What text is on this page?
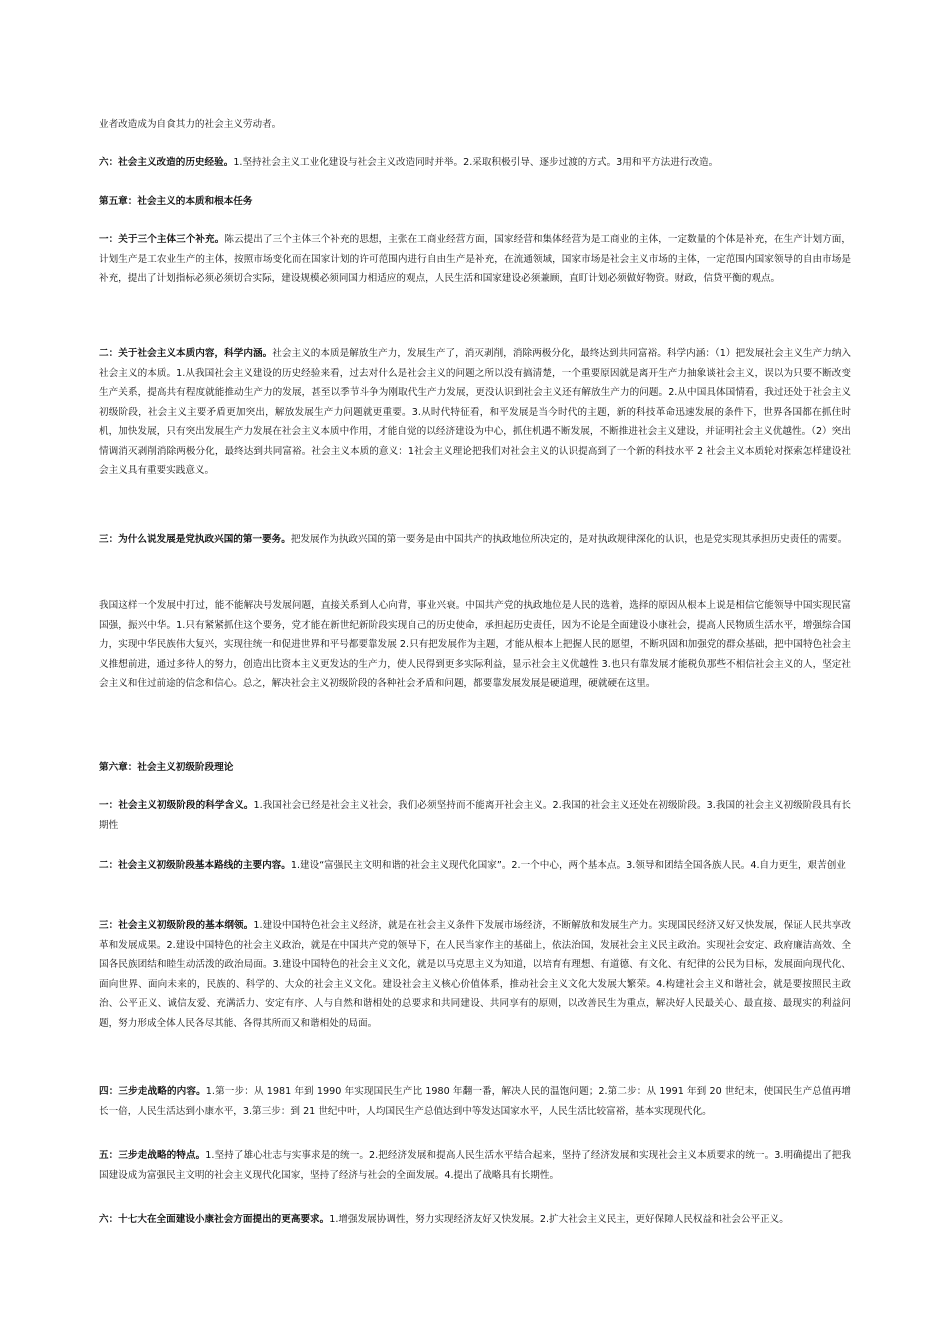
业者改造成为自食其力的社会主义劳动者。

六：社会主义改造的历史经验。1.坚持社会主义工业化建设与社会主义改造同时并举。2.采取积极引导、逐步过渡的方式。3用和平方法进行改造。

第五章：社会主义的本质和根本任务

一：关于三个主体三个补充。陈云提出了三个主体三个补充的思想，主张在工商业经营方面，国家经营和集体经营为是工商业的主体，一定数量的个体是补充，在生产计划方面，计划生产是工农业生产的主体，按照市场变化而在国家计划的许可范围内进行自由生产是补充，在流通领域，国家市场是社会主义市场的主体，一定范围内国家领导的自由市场是补充，提出了计划指标必须必须切合实际，建设规模必须同国力相适应的观点，人民生活和国家建设必须兼顾，直盯计划必须做好物资。财政，信贷平衡的观点。

二：关于社会主义本质内容，科学内涵。社会主义的本质是解放生产力，发展生产了，消灭剥削，消除两极分化，最终达到共同富裕。科学内涵：（1）把发展社会主义生产力纳入社会主义的本质。1.从我国社会主义建设的历史经验来看，过去对什么是社会主义的问题之所以没有搞清楚，一个重要原因就是离开生产力抽象谈社会主义，误以为只要不断改变生产关系，提高共有程度就能推动生产力的发展，甚至以季节斗争为刚取代生产力发展，更没认识到社会主义还有解放生产力的问题。2.从中国具体国情看，我过还处于社会主义初级阶段，社会主义主要矛盾更加突出，解放发展生产力问题就更重要。3.从时代特征看，和平发展是当今时代的主题，新的科技革命迅速发展的条件下，世界各国都在抓住时机，加快发展，只有突出发展生产力发展在社会主义本质中作用，才能自觉的以经济建设为中心，抓住机遇不断发展，不断推进社会主义建设，并证明社会主义优越性。（2）突出情调消灭剥削消除两极分化，最终达到共同富裕。社会主义本质的意义：1社会主义理论把我们对社会主义的认识提高到了一个新的科技水平 2 社会主义本质轮对探索怎样建设社会主义具有重要实践意义。

三：为什么说发展是党执政兴国的第一要务。把发展作为执政兴国的第一要务是由中国共产的执政地位所决定的，是对执政规律深化的认识，也是党实现其承担历史责任的需要。

我国这样一个发展中打过，能不能解决号发展问题，直接关系到人心向背，事业兴衰。中国共产党的执政地位是人民的选着，选择的原因从根本上说是相信它能领导中国实现民富国强，振兴中华。1.只有紧紧抓住这个要务，党才能在新世纪新阶段实现自己的历史使命，承担起历史责任，因为不论是全面建设小康社会，提高人民物质生活水平，增强综合国力，实现中华民族伟大复兴，实现往统一和促进世界和平号都要靠发展 2.只有把发展作为主题，才能从根本上把握人民的愿望，不断巩固和加强党的群众基础，把中国特色社会主义推想前进，通过多待人的努力，创造出比资本主义更发达的生产力，使人民得到更多实际利益，显示社会主义优越性 3.也只有靠发展才能税负那些不相信社会主义的人，坚定社会主义和住过前途的信念和信心。总之，解决社会主义初级阶段的各种社会矛盾和问题，都要靠发展发展是硬道理，硬就硬在这里。

第六章：社会主义初级阶段理论

一：社会主义初级阶段的科学含义。1.我国社会已经是社会主义社会，我们必须坚持而不能离开社会主义。2.我国的社会主义还处在初级阶段。3.我国的社会主义初级阶段具有长期性

二：社会主义初级阶段基本路线的主要内容。1.建设“富强民主文明和谐的社会主义现代化国家”。2.一个中心，两个基本点。3.领导和团结全国各族人民。4.自力更生，艰苦创业

三：社会主义初级阶段的基本纲领。1.建设中国特色社会主义经济，就是在社会主义条件下发展市场经济，不断解放和发展生产力。实现国民经济又好又快发展，保证人民共享改革和发展成果。2.建设中国特色的社会主义政治，就是在中国共产党的领导下，在人民当家作主的基础上，依法治国，发展社会主义民主政治。实现社会安定、政府廉洁高效、全国各民族团结和睦生动活泼的政治局面。3.建设中国特色的社会主义文化，就是以马克思主义为知道，以培育有理想、有道德、有文化、有纪律的公民为目标，发展面向现代化、面向世界、面向未来的，民族的、科学的、大众的社会主义文化。建设社会主义核心价值体系，推动社会主义文化大发展大繁荣。4.构建社会主义和谐社会，就是要按照民主政治、公平正义、诚信友爱、充满活力、安定有序、人与自然和谐相处的总要求和共同建设、共同享有的原则，以改善民生为重点，解决好人民最关心、最直接、最现实的利益问题，努力形成全体人民各尽其能、各得其所而又和谐相处的局面。

四：三步走战略的内容。1.第一步：从 1981 年到 1990 年实现国民生产比 1980 年翻一番，解决人民的温饱问题；2.第二步：从 1991 年到 20 世纪末，使国民生产总值再增长一倍，人民生活达到小康水平，3.第三步：到 21 世纪中叶，人均国民生产总值达到中等发达国家水平，人民生活比较富裕，基本实现现代化。

五：三步走战略的特点。1.坚持了雄心壮志与实事求是的统一。2.把经济发展和提高人民生活水平结合起来，坚持了经济发展和实现社会主义本质要求的统一。3.明确提出了把我国建设成为富强民主文明的社会主义现代化国家，坚持了经济与社会的全面发展。4.提出了战略具有长期性。

六：十七大在全面建设小康社会方面提出的更高要求。1.增强发展协调性，努力实现经济友好又快发展。2.扩大社会主义民主，更好保障人民权益和社会公平正义。
